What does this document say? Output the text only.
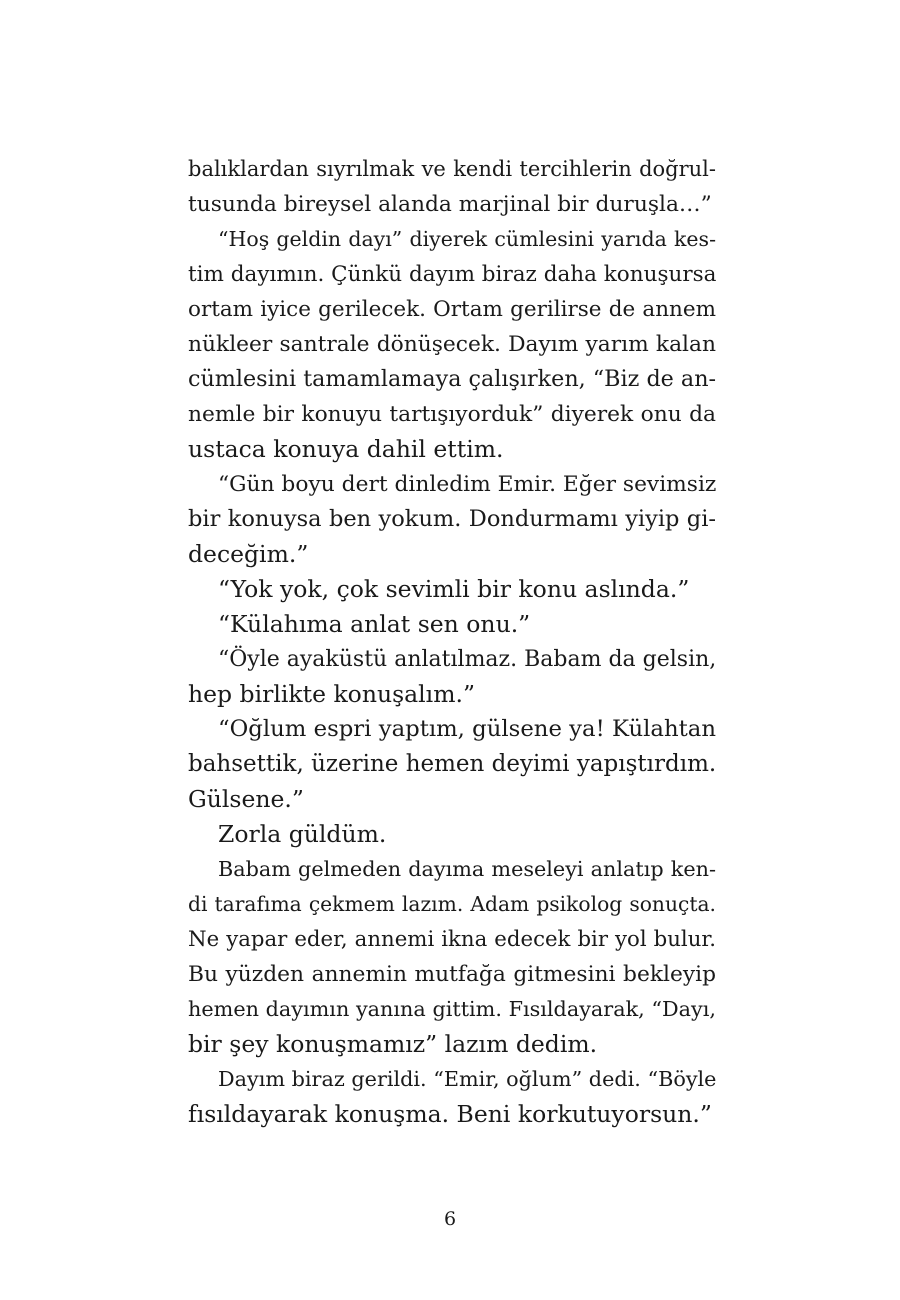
balıklardan sıyrılmak ve kendi tercihlerin doğrul-
tusunda bireysel alanda marjinal bir duruşla…”
“Hoş geldin dayı” diyerek cümlesini yarıda kes-
tim dayımın. Çünkü dayım biraz daha konuşursa
ortam iyice gerilecek. Ortam gerilirse de annem
nükleer santrale dönüşecek. Dayım yarım kalan
cümlesini tamamlamaya çalışırken, “Biz de an-
nemle bir konuyu tartışıyorduk” diyerek onu da
ustaca konuya dahil ettim.
“Gün boyu dert dinledim Emir. Eğer sevimsiz
bir konuysa ben yokum. Dondurmamı yiyip gi-
deceğim.”
“Yok yok, çok sevimli bir konu aslında.”
“Külahıma anlat sen onu.”
“Öyle ayaküstü anlatılmaz. Babam da gelsin,
hep birlikte konuşalım.”
“Oğlum espri yaptım, gülsene ya! Külahtan
bahsettik, üzerine hemen deyimi yapıştırdım.
Gülsene.”
Zorla güldüm.
Babam gelmeden dayıma meseleyi anlatıp ken-
di tarafıma çekmem lazım. Adam psikolog sonuçta.
Ne yapar eder, annemi ikna edecek bir yol bulur.
Bu yüzden annemin mutfağa gitmesini bekleyip
hemen dayımın yanına gittim. Fısıldayarak, “Dayı,
bir şey konuşmamız” lazım dedim.
Dayım biraz gerildi. “Emir, oğlum” dedi. “Böyle
fısıldayarak konuşma. Beni korkutuyorsun.”
6
